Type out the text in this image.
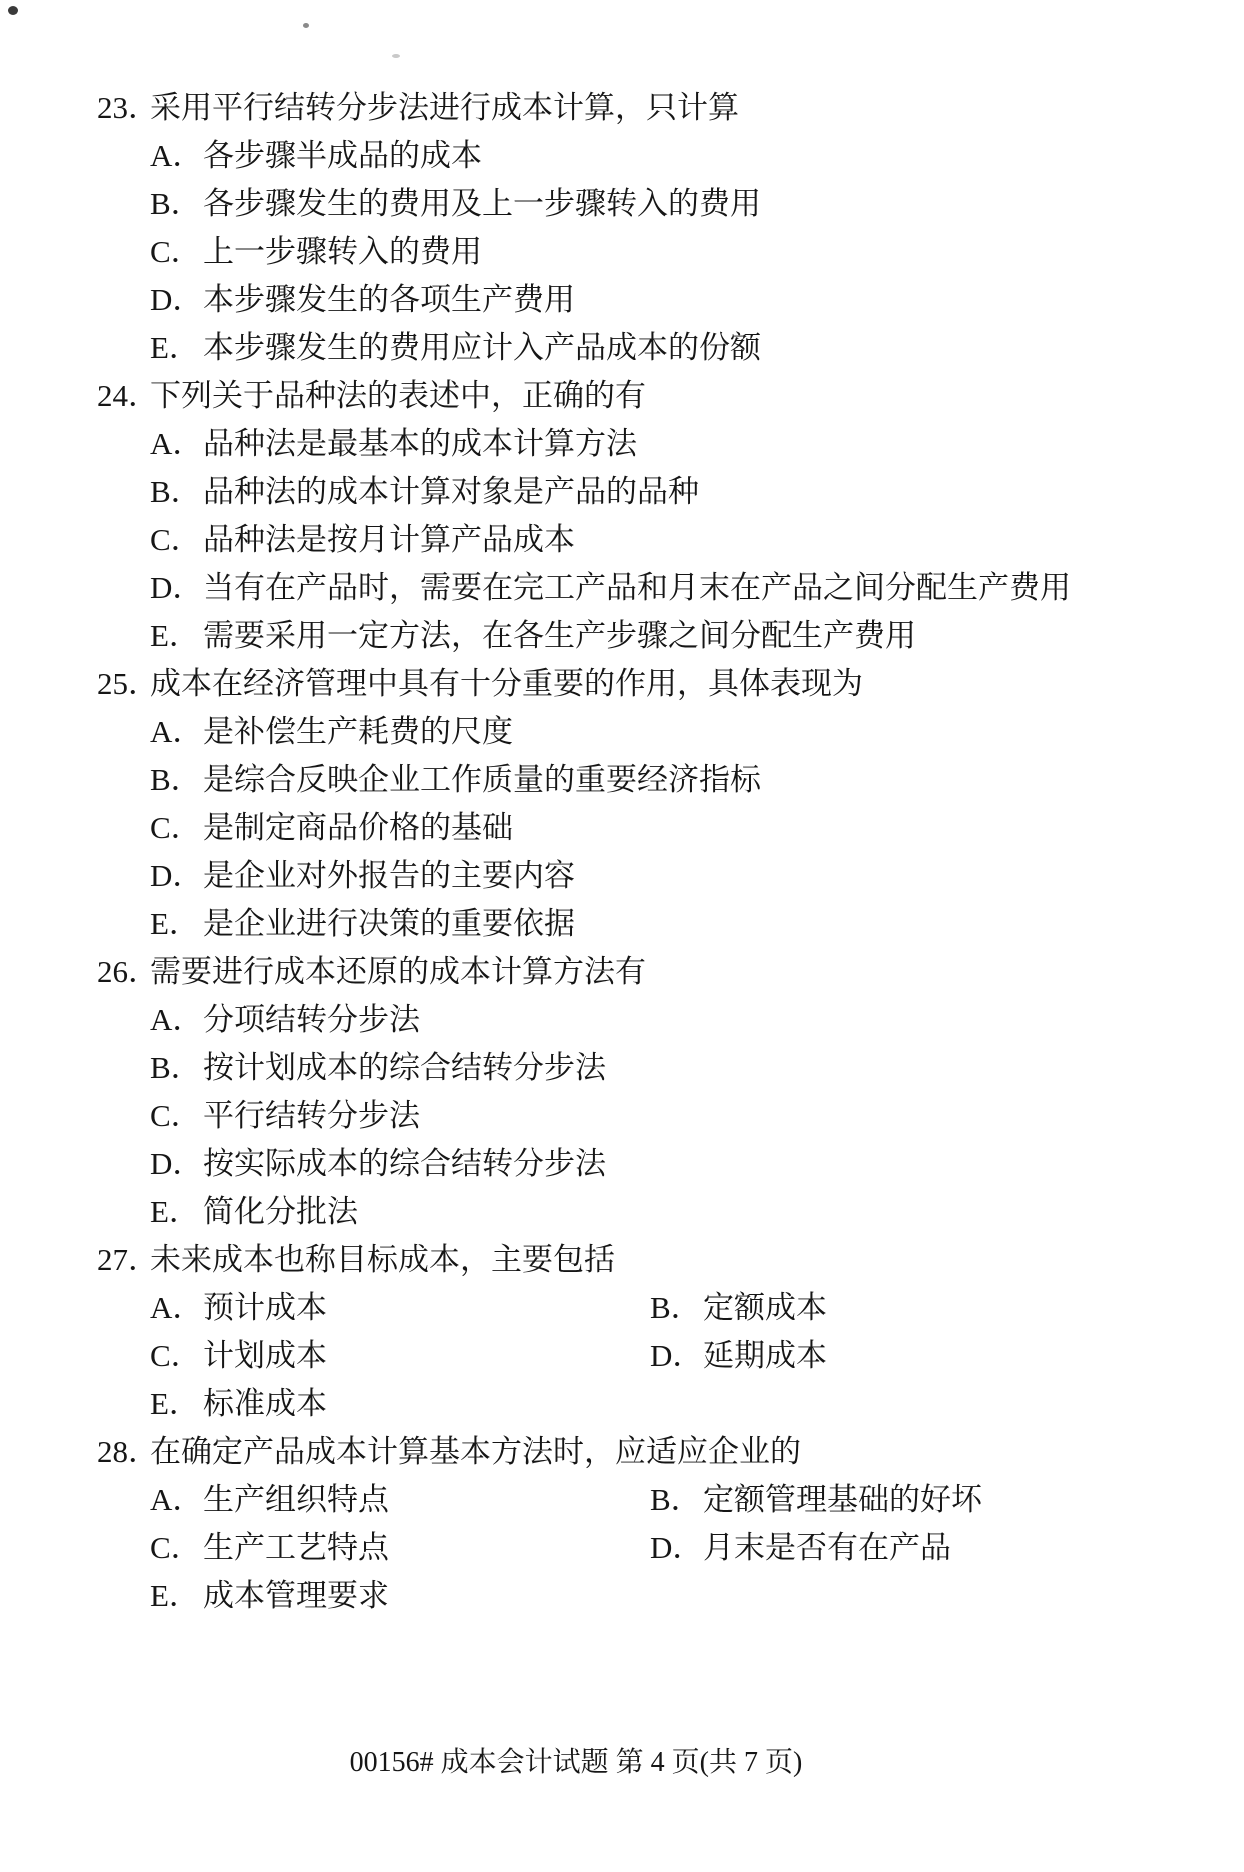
23．采用平行结转分步法进行成本计算，只计算
A．各步骤半成品的成本
B．各步骤发生的费用及上一步骤转入的费用
C．上一步骤转入的费用
D．本步骤发生的各项生产费用
E．本步骤发生的费用应计入产品成本的份额
24．下列关于品种法的表述中，正确的有
A．品种法是最基本的成本计算方法
B．品种法的成本计算对象是产品的品种
C．品种法是按月计算产品成本
D．当有在产品时，需要在完工产品和月末在产品之间分配生产费用
E．需要采用一定方法，在各生产步骤之间分配生产费用
25．成本在经济管理中具有十分重要的作用，具体表现为
A．是补偿生产耗费的尺度
B．是综合反映企业工作质量的重要经济指标
C．是制定商品价格的基础
D．是企业对外报告的主要内容
E．是企业进行决策的重要依据
26．需要进行成本还原的成本计算方法有
A．分项结转分步法
B．按计划成本的综合结转分步法
C．平行结转分步法
D．按实际成本的综合结转分步法
E．简化分批法
27．未来成本也称目标成本，主要包括
A．预计成本	B．定额成本
C．计划成本	D．延期成本
E．标准成本
28．在确定产品成本计算基本方法时，应适应企业的
A．生产组织特点	B．定额管理基础的好坏
C．生产工艺特点	D．月末是否有在产品
E．成本管理要求
00156# 成本会计试题 第 4 页(共 7 页)
